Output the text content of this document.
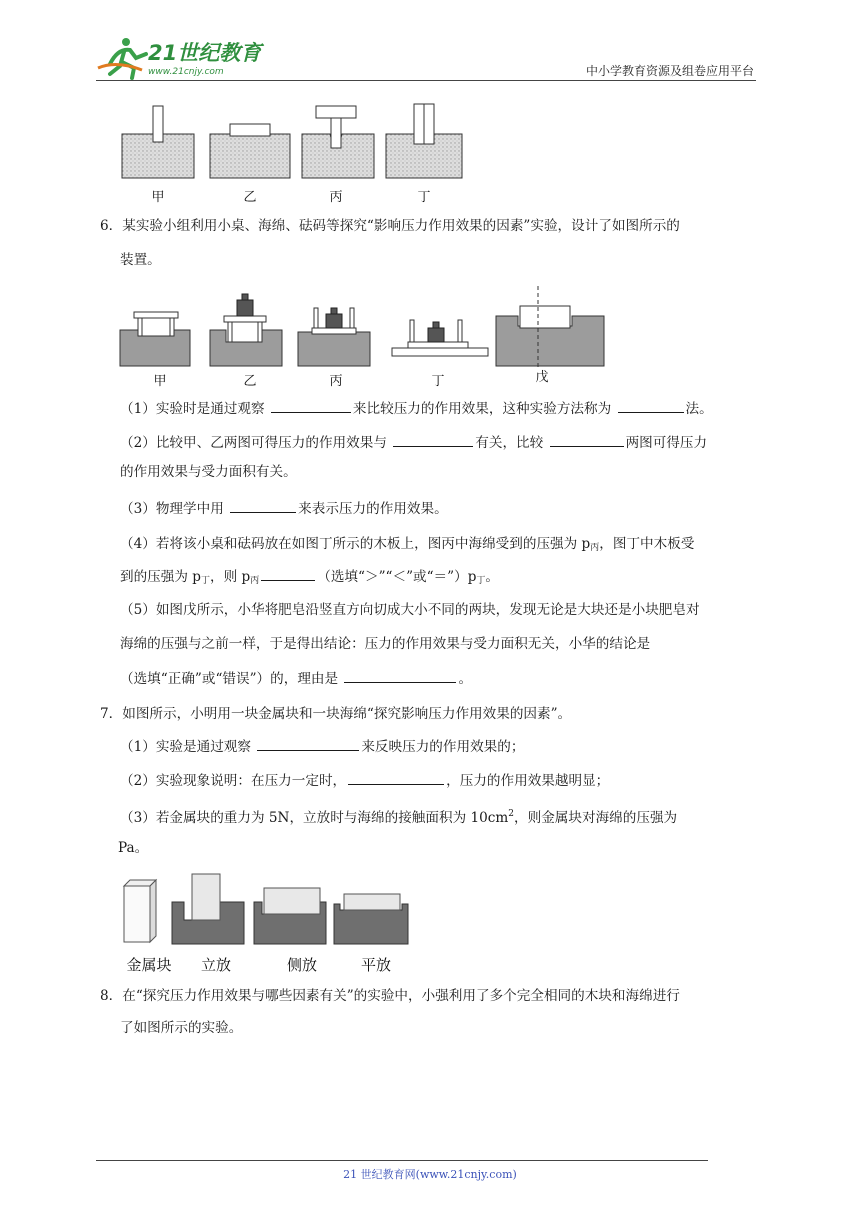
21世纪教育
www.21cnjy.com	中小学教育资源及组卷应用平台
甲	乙	丙	丁
6．某实验小组利用小桌、海绵、砝码等探究“影响压力作用效果的因素”实验，设计了如图所示的
装置。
甲	乙	丙	丁	戊
（1）实验时是通过观察	来比较压力的作用效果，这种实验方法称为	法。
（2）比较甲、乙两图可得压力的作用效果与	有关，比较	两图可得压力
的作用效果与受力面积有关。
（3）物理学中用	来表示压力的作用效果。
（4）若将该小桌和砝码放在如图丁所示的木板上，图丙中海绵受到的压强为 $p_丙$，图丁中木板受
到的压强为 $p_丁$，则 $p_丙$	（选填“＞”“＜”或“$=”)p_丁$。
（5）如图戊所示，小华将肥皂沿竖直方向切成大小不同的两块，发现无论是大块还是小块肥皂对
海绵的压强与之前一样，于是得出结论：压力的作用效果与受力面积无关，小华的结论是
（选填“正确”或“错误”）的，理由是	。
7．如图所示，小明用一块金属块和一块海绵“探究影响压力作用效果的因素”。
（1）实验是通过观察	来反映压力的作用效果的；
（2）实验现象说明：在压力一定时，	，压力的作用效果越明显；
（3）若金属块的重力为 5N，立放时与海绵的接触面积为 $10cm^2$，则金属块对海绵的压强为
Pa。
金属块	立放	侧放	平放
8．在“探究压力作用效果与哪些因素有关”的实验中，小强利用了多个完全相同的木块和海绵进行
了如图所示的实验。
21 世纪教育网(www.21cnjy.com)
